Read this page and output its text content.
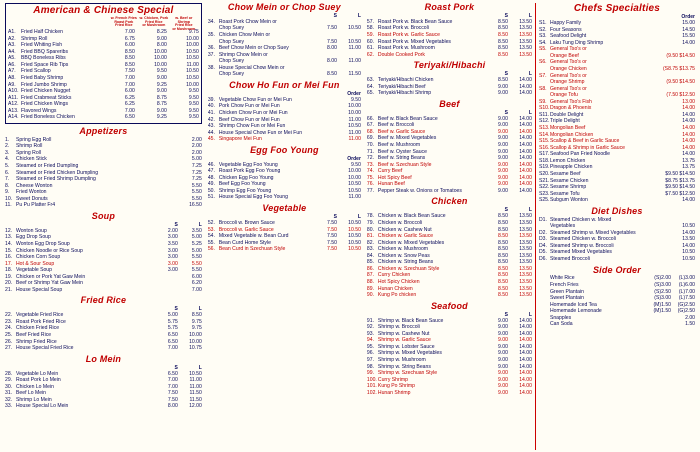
American & Chinese Special
w. French Fries
Roast Pork
Fried Rice
w. Chicken, Pork
Fried Rice
or Mushroom
w. Beef or Shrimp
Fried Rice
or Mushroom
A1.	Fried Half Chicken	7.00	8.25	9.75
A2.	Shrimp Roll	6.75	9.00	10.00
A3.	Fried Whiting Fish	6.00	8.00	10.00
A4.	Fried BBQ Spareribs	8.50	10.00	10.50
A5.	BBQ Boneless Ribs	8.50	10.00	10.50
A6.	Fried Space Rib Tips	8.50	10.00	11.00
A7.	Fried Scallop	7.50	9.50	10.50
A8.	Fried Baby Shrimp	7.00	9.00	10.50
A9.	Fried Jumbo Shrimp	7.00	9.25	10.00
A10. Fried Chicken Nugget	6.00	9.00	9.50
A11. Fried Crabmeat Sticks	6.25	8.75	9.50
A12. Fried Chicken Wings	6.25	8.75	9.50
A13. Flavored Wings	7.00	9.00	9.50
A14. Fried Boneless Chicken	6.50	9.25	9.50
Appetizers
1.	Spring Egg Roll	2.00
2.	Shrimp Roll	2.00
3.	Spring Roll	2.00
4.	Chicken Stick	5.00
5.	Steamed or Fried Dumpling	7.25
6.	Steamed or Fried Chicken Dumpling	7.25
7.	Steamed or Fried Shrimp Dumpling	7.25
8.	Cheese Wonton	5.50
9.	Fried Wonton	5.50
10. Sweet Donuts	5.50
11. Pu Pu Platter Fr4	16.50
Soup
S	L
12. Wonton Soup	2.00	3.50
13. Egg Drop Soup	3.00	5.00
14. Wonton Egg Drop Soup	3.50	5.25
15. Chicken Noodle or Rice Soup	3.00	5.00
16. Chicken Corn Soup	3.00	5.50
17. Hot & Sour Soup	3.00	5.50
18. Vegetable Soup	3.00	5.50
19. Chicken or Pork Yat Gaw Mein	6.00
20. Beef or Shrimp Yat Gaw Mein	6.20
21. House Special Soup	7.00
Fried Rice
S	L
22. Vegetable Fried Rice	5.00	8.50
23. Roast Pork Fried Rice	5.75	9.75
24. Chicken Fried Rice	5.75	9.75
25. Beef Fried Rice	6.50	10.00
26. Shrimp Fried Rice	6.50	10.00
27. House Special Fried Rice	7.00	10.75
Lo Mein
S	L
28. Vegetable Lo Mein	6.50	10.50
29. Roast Pork Lo Mein	7.00	11.00
30. Chicken Lo Mein	7.00	11.00
31. Beef Lo Mein	7.50	11.50
32. Shrimp Lo Mein	7.50	11.50
33. House Special Lo Mein	8.00	12.00
Chow Mein or Chop Suey
S	L
34. Roast Pork Chow Mein or
Chop Suey	7.50	10.50
35. Chicken Chow Mein or
Chop Suey	7.50	10.50
36. Beef Chow Mein or Chop Suey	8.00	11.00
37. Shrimp Chow Mein or
Chop Suey	8.00	11.00
38. House Special Chow Mein or
Chop Suey	8.50	11.50
Chow Ho Fun or Mei Fun
Order
39. Vegetable Chow Fun or Mei Fun	9.50
40. Pork Chow Fun or Mei Fun	10.00
41. Chicken Chow Fun or Mei Fun	10.00
42. Beef Chow Fun or Mei Fun	11.00
43. Shrimp Chow Fun or Mei Fun	10.50
44. House Special Chow Fun or Mei Fun	11.00
45. Singapore Mei Fun	11.00
Egg Foo Young
Order
46. Vegetable Egg Foo Young	9.50
47. Roast Pork Egg Foo Young	10.00
48. Chicken Egg Foo Young	10.00
49. Beef Egg Foo Young	10.50
50. Shrimp Egg Foo Young	10.50
51. House Special Egg Foo Young	11.00
Vegetable
S	L
52. Broccoli w. Brown Sauce	7.50	10.50
53. Broccoli w. Garlic Sauce	7.50	10.50
54. Mixed Vegetable w. Bean Curd	7.50	10.50
55. Bean Curd Home Style	7.50	10.50
56. Bean Curd in Szechuan Style	7.50	10.50
Roast Pork
S	L
57. Roast Pork w. Black Bean Sauce	8.50	13.50
58. Roast Pork w. Broccoli	8.50	13.50
59. Roast Pork w. Garlic Sauce	8.50	13.50
60. Roast Pork w. Mixed Vegetables	8.50	13.50
61. Roast Pork w. Mushroom	8.50	13.50
62. Double Cooked Pork	8.50	13.50
Teriyaki/Hibachi
S	L
63. Teriyaki/Hibachi Chicken	8.50	14.00
64. Teriyaki/Hibachi Beef	9.00	14.00
65. Teriyaki/Hibachi Shrimp	9.00	14.00
Beef
S	L
66. Beef w. Black Bean Sauce	9.00	14.00
67. Beef w. Broccoli	9.00	14.00
68. Beef w. Garlic Sauce	9.00	14.00
69. Beef w. Mixed Vegetables	9.00	14.00
70. Beef w. Mushroom	9.00	14.00
71. Beef w. Oyster Sauce	9.00	14.00
72. Beef w. String Beans	9.00	14.00
73. Beef w. Szechuan Style	9.00	14.00
74. Curry Beef	9.00	14.00
75. Hot Spicy Beef	9.00	14.00
76. Hunan Beef	9.00	14.00
77. Pepper Steak w. Onions or Tomatoes	9.00	14.00
Chicken
S	L
78. Chicken w. Black Bean Sauce	8.50	13.50
79. Chicken w. Broccoli	8.50	13.50
80. Chicken w. Cashew Nut	8.50	13.50
81. Chicken w. Garlic Sauce	8.50	13.50
82. Chicken w. Mixed Vegetables	8.50	13.50
83. Chicken w. Mushroom	8.50	13.50
84. Chicken w. Snow Peas	8.50	13.50
85. Chicken w. String Beans	8.50	13.50
86. Chicken w. Szechuan Style	8.50	13.50
87. Curry Chicken	8.50	13.50
88. Hot Spicy Chicken	8.50	13.50
89. Hunan Chicken	8.50	13.50
90. Kung Po chicken	8.50	13.50
Seafood
S	L
91. Shrimp w. Black Bean Sauce	9.00	14.00
92. Shrimp w. Broccoli	9.00	14.00
93. Shrimp w. Cashew Nut	9.00	14.00
94. Shrimp w. Garlic Sauce	9.00	14.00
95. Shrimp w. Lobster Sauce	9.00	14.00
96. Shrimp w. Mixed Vegetables	9.00	14.00
97. Shrimp w. Mushroom	9.00	14.00
98. Shrimp w. String Beans	9.00	14.00
99. Shrimp w. Szechuan Style	9.00	14.00
100. Curry Shrimp	9.00	14.00
101. Kung Po Shrimp	9.00	14.00
102. Hunan Shrimp	9.00	14.00
Chefs Specialties
Order
S1. Happy Family	15.00
S2. Four Seasons	14.50
S3. Seafood Delight	15.50
S4. Laku Tung Ding Shrimp	14.00
S5. General Tso's or
Orange Beef	(9.50 $14.50
S6. General Tso's or
Orange Chicken	(S8.75 $13.75
S7. General Tso's or
Orange Shrimp	(9.50 $14.50
S8. General Tso's or
Orange Tofu	(7.50 $12.50
S9. General Tso's Fish	13.00
S10. Dragon & Phoenix	14.00
S11. Double Delight	14.00
S12. Triple Delight	14.00
S13. Mongolian Beef	14.00
S14. Mongolian Chicken	14.00
S15. Scallop & Beef in Garlic Sauce	14.00
S16. Scallop & Shrimp in Garlic Sauce	14.00
S17. Seafood Pan Fried Noodle	14.00
S18. Lemon Chicken	13.75
S19. Pineapple Chicken	13.75
S20. Sesame Beef	$9.50 $14.50
S21. Sesame Chicken	$8.75 $13.75
S22. Sesame Shrimp	$9.50 $14.50
S23. Sesame Tofu	$7.50 $12.50
S25. Subgum Wonton	14.00
Diet Dishes
D1. Steamed Chicken w. Mixed
Vegetables	10.50
D2. Steamed Shrimp w. Mixed Vegetables	14.00
D3. Steamed Chicken w. Broccoli	13.50
D4. Steamed Shrimp w. Broccoli	14.00
D5. Steamed Mixed Vegetables	10.50
D6. Steamed Broccoli	10.50
Side Order
White Rice	(S)2.00	(L)3.00
French Fries	(S)3.00	(L)6.00
Green Plantain	(S)2.50	(L)7.00
Sweet Plantain	(S)3.00	(L)7.50
Homemade Iced Tea	(M)1.50	(G)2.50
Homemade Lemonade	(M)1.50	(G)2.50
Snapples	2.00
Can Soda	1.50
